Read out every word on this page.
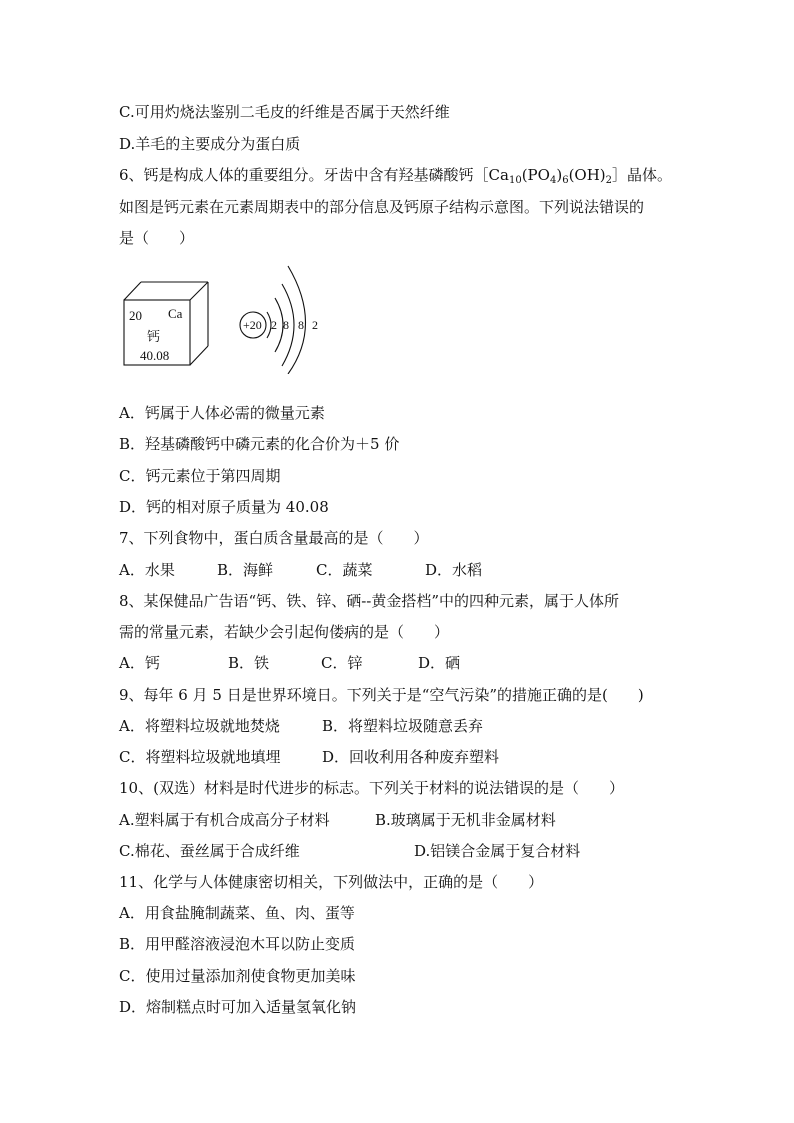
C.可用灼烧法鉴别二毛皮的纤维是否属于天然纤维
D.羊毛的主要成分为蛋白质
6、钙是构成人体的重要组分。牙齿中含有羟基磷酸钙$[Ca_{10}(PO_4)_6(OH)_2]$晶体。
如图是钙元素在元素周期表中的部分信息及钙原子结构示意图。下列说法错误的
是（　　）
20 Ca
钙
40.08
+20 2 8 8 2
A．钙属于人体必需的微量元素
B．羟基磷酸钙中磷元素的化合价为＋5 价
C．钙元素位于第四周期
D．钙的相对原子质量为 40.08
7、下列食物中，蛋白质含量最高的是（　　）
A．水果	B．海鲜	C．蔬菜	D．水稻
8、某保健品广告语“钙、铁、锌、硒--黄金搭档”中的四种元素，属于人体所
需的常量元素，若缺少会引起佝偻病的是（　　）
A．钙	B．铁	C．锌	D．硒
9、每年 6 月 5 日是世界环境日。下列关于是“空气污染”的措施正确的是(　　)
A．将塑料垃圾就地焚烧	B．将塑料垃圾随意丢弃
C．将塑料垃圾就地填埋	D．回收利用各种废弃塑料
10、(双选）材料是时代进步的标志。下列关于材料的说法错误的是（　　）
A.塑料属于有机合成高分子材料	B.玻璃属于无机非金属材料
C.棉花、蚕丝属于合成纤维	D.铝镁合金属于复合材料
11、化学与人体健康密切相关，下列做法中，正确的是（　　）
A．用食盐腌制蔬菜、鱼、肉、蛋等
B．用甲醛溶液浸泡木耳以防止变质
C．使用过量添加剂使食物更加美味
D．熔制糕点时可加入适量氢氧化钠
